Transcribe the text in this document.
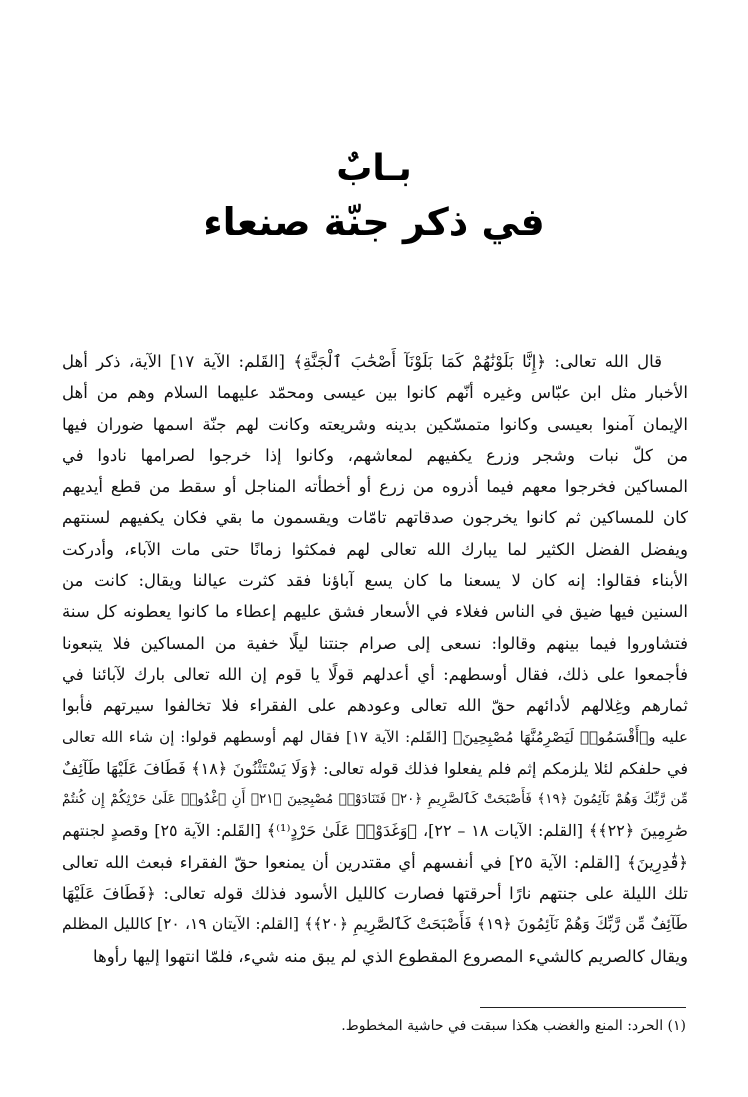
بـابٌ
في ذكر جنّة صنعاء
قال الله تعالى: ﴿إِنَّا بَلَوْنَٰهُمْ كَمَا بَلَوْنَآ أَصْحَٰبَ ٱلْجَنَّةِ﴾ [القَلم: الآية ١٧] الآية، ذكر أهل
الأخبار مثل ابن عبّاس وغيره أنّهم كانوا بين عيسى ومحمّد عليهما السلام وهم من أهل
الإيمان آمنوا بعيسى وكانوا متمسّكين بدينه وشريعته وكانت لهم جنّة اسمها ضوران فيها
من كلّ نبات وشجر وزرع يكفيهم لمعاشهم، وكانوا إذا خرجوا لصرامها نادوا في
المساكين فخرجوا معهم فيما أذروه من زرع أو أخطأته المناجل أو سقط من قطع أيديهم
كان للمساكين ثم كانوا يخرجون صدقاتهم تامّات ويقسمون ما بقي فكان يكفيهم لسنتهم
ويفضل الفضل الكثير لما يبارك الله تعالى لهم فمكثوا زمانًا حتى مات الآباء، وأدركت
الأبناء فقالوا: إنه كان لا يسعنا ما كان يسع آباؤنا فقد كثرت عيالنا ويقال: كانت من
السنين فيها ضيق في الناس فغلاء في الأسعار فشق عليهم إعطاء ما كانوا يعطونه كل سنة
فتشاوروا فيما بينهم وقالوا: نسعى إلى صرام جنتنا ليلًا خفية من المساكين فلا يتبعونا
فأجمعوا على ذلك، فقال أوسطهم: أي أعدلهم قولًا يا قوم إن الله تعالى بارك لآبائنا في
ثمارهم وغِلالهم لأدائهم حقّ الله تعالى وعودهم على الفقراء فلا تخالفوا سيرتهم فأبوا
عليه و﴿أَقْسَمُوا۟ لَيَصْرِمُنَّهَا مُصْبِحِينَ﴾ [القَلم: الآية ١٧] فقال لهم أوسطهم قولوا: إن شاء الله تعالى
في حلفكم لئلا يلزمكم إثم فلم يفعلوا فذلك قوله تعالى: ﴿وَلَا يَسْتَثْنُونَ ﴿١٨﴾ فَطَافَ عَلَيْهَا طَآئِفٌ
مِّن رَّبِّكَ وَهُمْ نَآئِمُونَ ﴿١٩﴾ فَأَصْبَحَتْ كَٱلصَّرِيمِ ﴿٢٠﴾ فَتَنَادَوْا۟ مُصْبِحِينَ ﴿٢١﴾ أَنِ ٱغْدُوا۟ عَلَىٰ حَرْثِكُمْ إِن كُنتُمْ
صَٰرِمِينَ ﴿٢٢﴾﴾ [القلم: الآيات ١٨ – ٢٢]، ﴿وَغَدَوْا۟ عَلَىٰ حَرْدٍ⁽¹⁾﴾ [القَلم: الآية ٢٥] وقصدٍ لجنتهم
﴿قَٰدِرِينَ﴾ [القلم: الآية ٢٥] في أنفسهم أي مقتدرين أن يمنعوا حقّ الفقراء فبعث الله تعالى
تلك الليلة على جنتهم نارًا أحرقتها فصارت كالليل الأسود فذلك قوله تعالى: ﴿فَطَافَ عَلَيْهَا
طَآئِفٌ مِّن رَّبِّكَ وَهُمْ نَآئِمُونَ ﴿١٩﴾ فَأَصْبَحَتْ كَٱلصَّرِيمِ ﴿٢٠﴾﴾ [القلم: الآيتان ١٩، ٢٠] كالليل المظلم
ويقال كالصريم كالشيء المصروع المقطوع الذي لم يبق منه شيء، فلمّا انتهوا إليها رأوها
(١) الحرد: المنع والغضب هكذا سبقت في حاشية المخطوط.
